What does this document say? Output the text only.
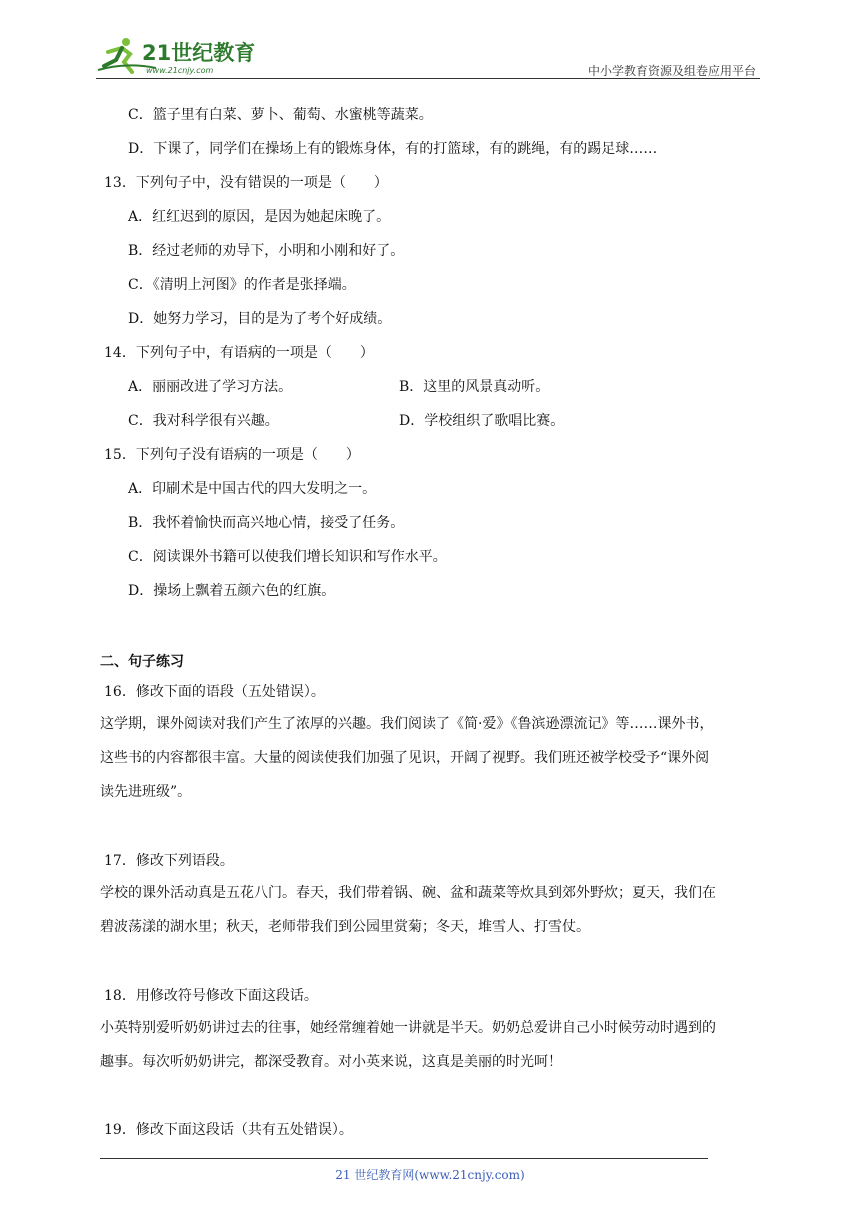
21世纪教育
www.21cnjy.com	中小学教育资源及组卷应用平台
C．篮子里有白菜、萝卜、葡萄、水蜜桃等蔬菜。
D．下课了，同学们在操场上有的锻炼身体，有的打篮球，有的跳绳，有的踢足球……
13．下列句子中，没有错误的一项是（　　）
A．红红迟到的原因，是因为她起床晚了。
B．经过老师的劝导下，小明和小刚和好了。
C．《清明上河图》的作者是张择端。
D．她努力学习，目的是为了考个好成绩。
14．下列句子中，有语病的一项是（　　）
A．丽丽改进了学习方法。	B．这里的风景真动听。
C．我对科学很有兴趣。	D．学校组织了歌唱比赛。
15．下列句子没有语病的一项是（　　）
A．印刷术是中国古代的四大发明之一。
B．我怀着愉快而高兴地心情，接受了任务。
C．阅读课外书籍可以使我们增长知识和写作水平。
D．操场上飘着五颜六色的红旗。
二、句子练习
16．修改下面的语段（五处错误）。
这学期，课外阅读对我们产生了浓厚的兴趣。我们阅读了《简·爱》《鲁滨逊漂流记》等……课外书，
这些书的内容都很丰富。大量的阅读使我们加强了见识，开阔了视野。我们班还被学校受予“课外阅
读先进班级”。
17．修改下列语段。
学校的课外活动真是五花八门。春天，我们带着锅、碗、盆和蔬菜等炊具到郊外野炊；夏天，我们在
碧波荡漾的湖水里；秋天，老师带我们到公园里赏菊；冬天，堆雪人、打雪仗。
18．用修改符号修改下面这段话。
小英特别爱听奶奶讲过去的往事，她经常缠着她一讲就是半天。奶奶总爱讲自己小时候劳动时遇到的
趣事。每次听奶奶讲完，都深受教育。对小英来说，这真是美丽的时光呵！
19．修改下面这段话（共有五处错误）。
21 世纪教育网(www.21cnjy.com)
